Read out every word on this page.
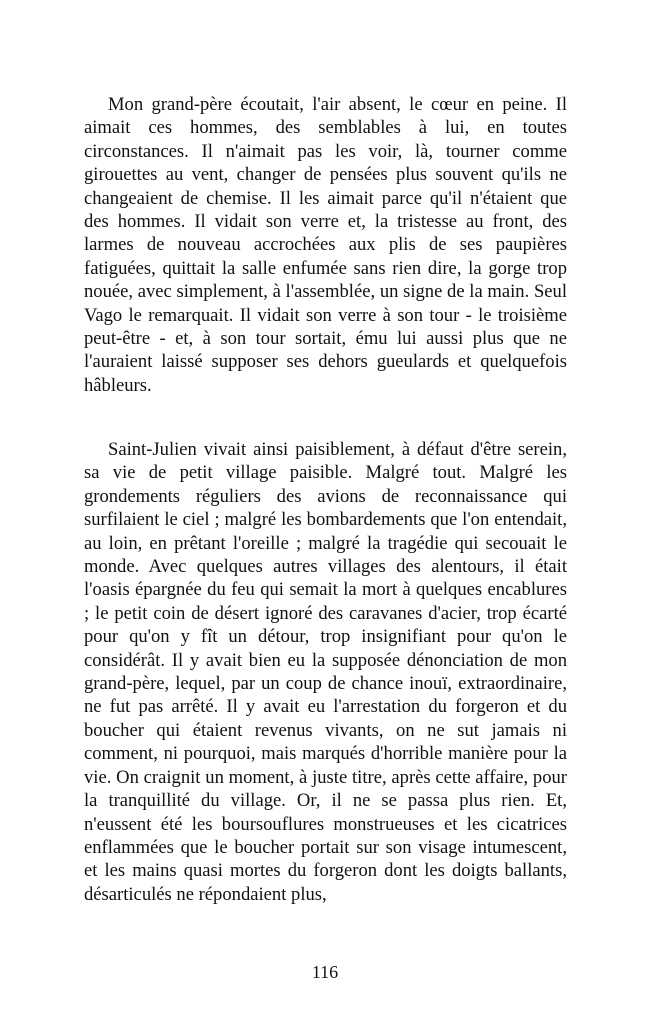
Mon grand-père écoutait, l'air absent, le cœur en peine. Il aimait ces hommes, des semblables à lui, en toutes circonstances. Il n'aimait pas les voir, là, tourner comme girouettes au vent, changer de pensées plus souvent qu'ils ne changeaient de chemise. Il les aimait parce qu'il n'étaient que des hommes. Il vidait son verre et, la tristesse au front, des larmes de nouveau accrochées aux plis de ses paupières fatiguées, quittait la salle enfumée sans rien dire, la gorge trop nouée, avec simplement, à l'assemblée, un signe de la main. Seul Vago le remarquait. Il vidait son verre à son tour - le troisième peut-être - et, à son tour sortait, ému lui aussi plus que ne l'auraient laissé supposer ses dehors gueulards et quelquefois hâbleurs.

Saint-Julien vivait ainsi paisiblement, à défaut d'être serein, sa vie de petit village paisible. Malgré tout. Malgré les grondements réguliers des avions de reconnaissance qui surfilaient le ciel ; malgré les bombardements que l'on entendait, au loin, en prêtant l'oreille ; malgré la tragédie qui secouait le monde. Avec quelques autres villages des alentours, il était l'oasis épargnée du feu qui semait la mort à quelques encablures ; le petit coin de désert ignoré des caravanes d'acier, trop écarté pour qu'on y fît un détour, trop insignifiant pour qu'on le considérât. Il y avait bien eu la supposée dénonciation de mon grand-père, lequel, par un coup de chance inouï, extraordinaire, ne fut pas arrêté. Il y avait eu l'arrestation du forgeron et du boucher qui étaient revenus vivants, on ne sut jamais ni comment, ni pourquoi, mais marqués d'horrible manière pour la vie. On craignit un moment, à juste titre, après cette affaire, pour la tranquillité du village. Or, il ne se passa plus rien. Et, n'eussent été les boursouflures monstrueuses et les cicatrices enflammées que le boucher portait sur son visage intumescent, et les mains quasi mortes du forgeron dont les doigts ballants, désarticulés ne répondaient plus,

116
